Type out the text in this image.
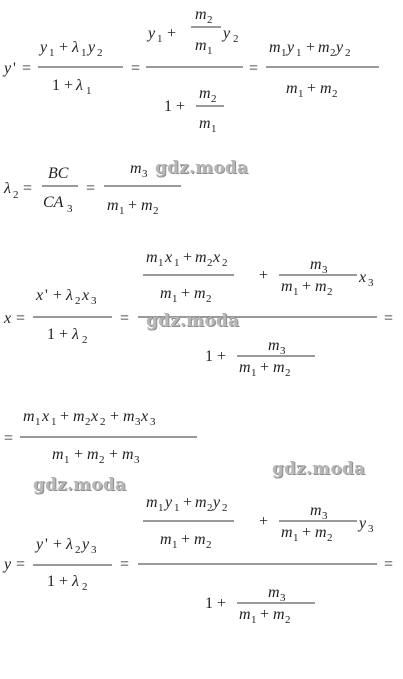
m 1 + m 2
y ' =
y 1 + λ 1 y 2
1 + λ 1
=
y 1 +
m 2
m 1
y 2
1 +
m 2
m 1
=
m 1 y 1 + m 2 y 2
m 1 + m 2
λ 2 =
BC
CA 3
=
m 3
m 1 + m 2
x =
x ' + λ 2 x 3
1 + λ 2
=
m 1 x 1 + m 2 x 2
m 1 + m 2
+	x 3
1 +
=
=
m 1 x 1 + m 2 x 2 + m 3 x 3
m 1 + m 2 + m 3
y =
y ' + λ 2 y 3
1 + λ 2
=
m 1 y 1 + m 2 y 2
m 1 + m 2
+	y 3
1 +
=
gdz.moda
gdz.moda
gdz.moda
gdz.moda
